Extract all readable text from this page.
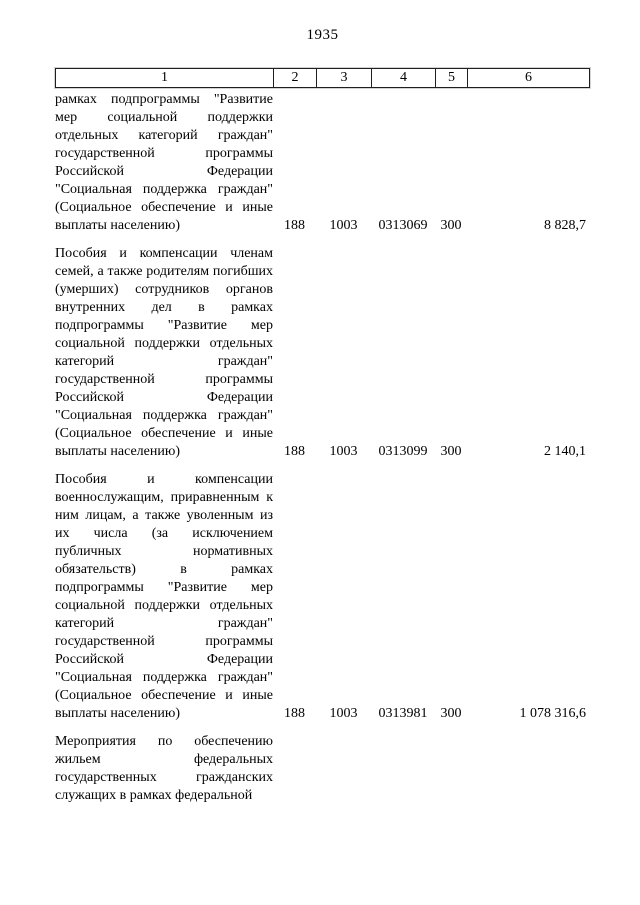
1935
1	2	3	4	5	6
рамках подпрограммы "Развитие мер социальной поддержки отдельных категорий граждан" государственной программы Российской Федерации "Социальная поддержка граждан" (Социальное обеспечение и иные выплаты населению)	188	1003	0313069 300	8 828,7
Пособия и компенсации членам семей, а также родителям погибших (умерших) сотрудников органов внутренних дел в рамках подпрограммы "Развитие мер социальной поддержки отдельных категорий граждан" государственной программы Российской Федерации "Социальная поддержка граждан" (Социальное обеспечение и иные выплаты населению)	188	1003	0313099 300	2 140,1
Пособия и компенсации военнослужащим, приравненным к ним лицам, а также уволенным из их числа (за исключением публичных нормативных обязательств) в рамках подпрограммы "Развитие мер социальной поддержки отдельных категорий граждан" государственной программы Российской Федерации "Социальная поддержка граждан" (Социальное обеспечение и иные выплаты населению)	188	1003	0313981 300	1 078 316,6
Мероприятия по обеспечению жильем федеральных государственных гражданских служащих в рамках федеральной
